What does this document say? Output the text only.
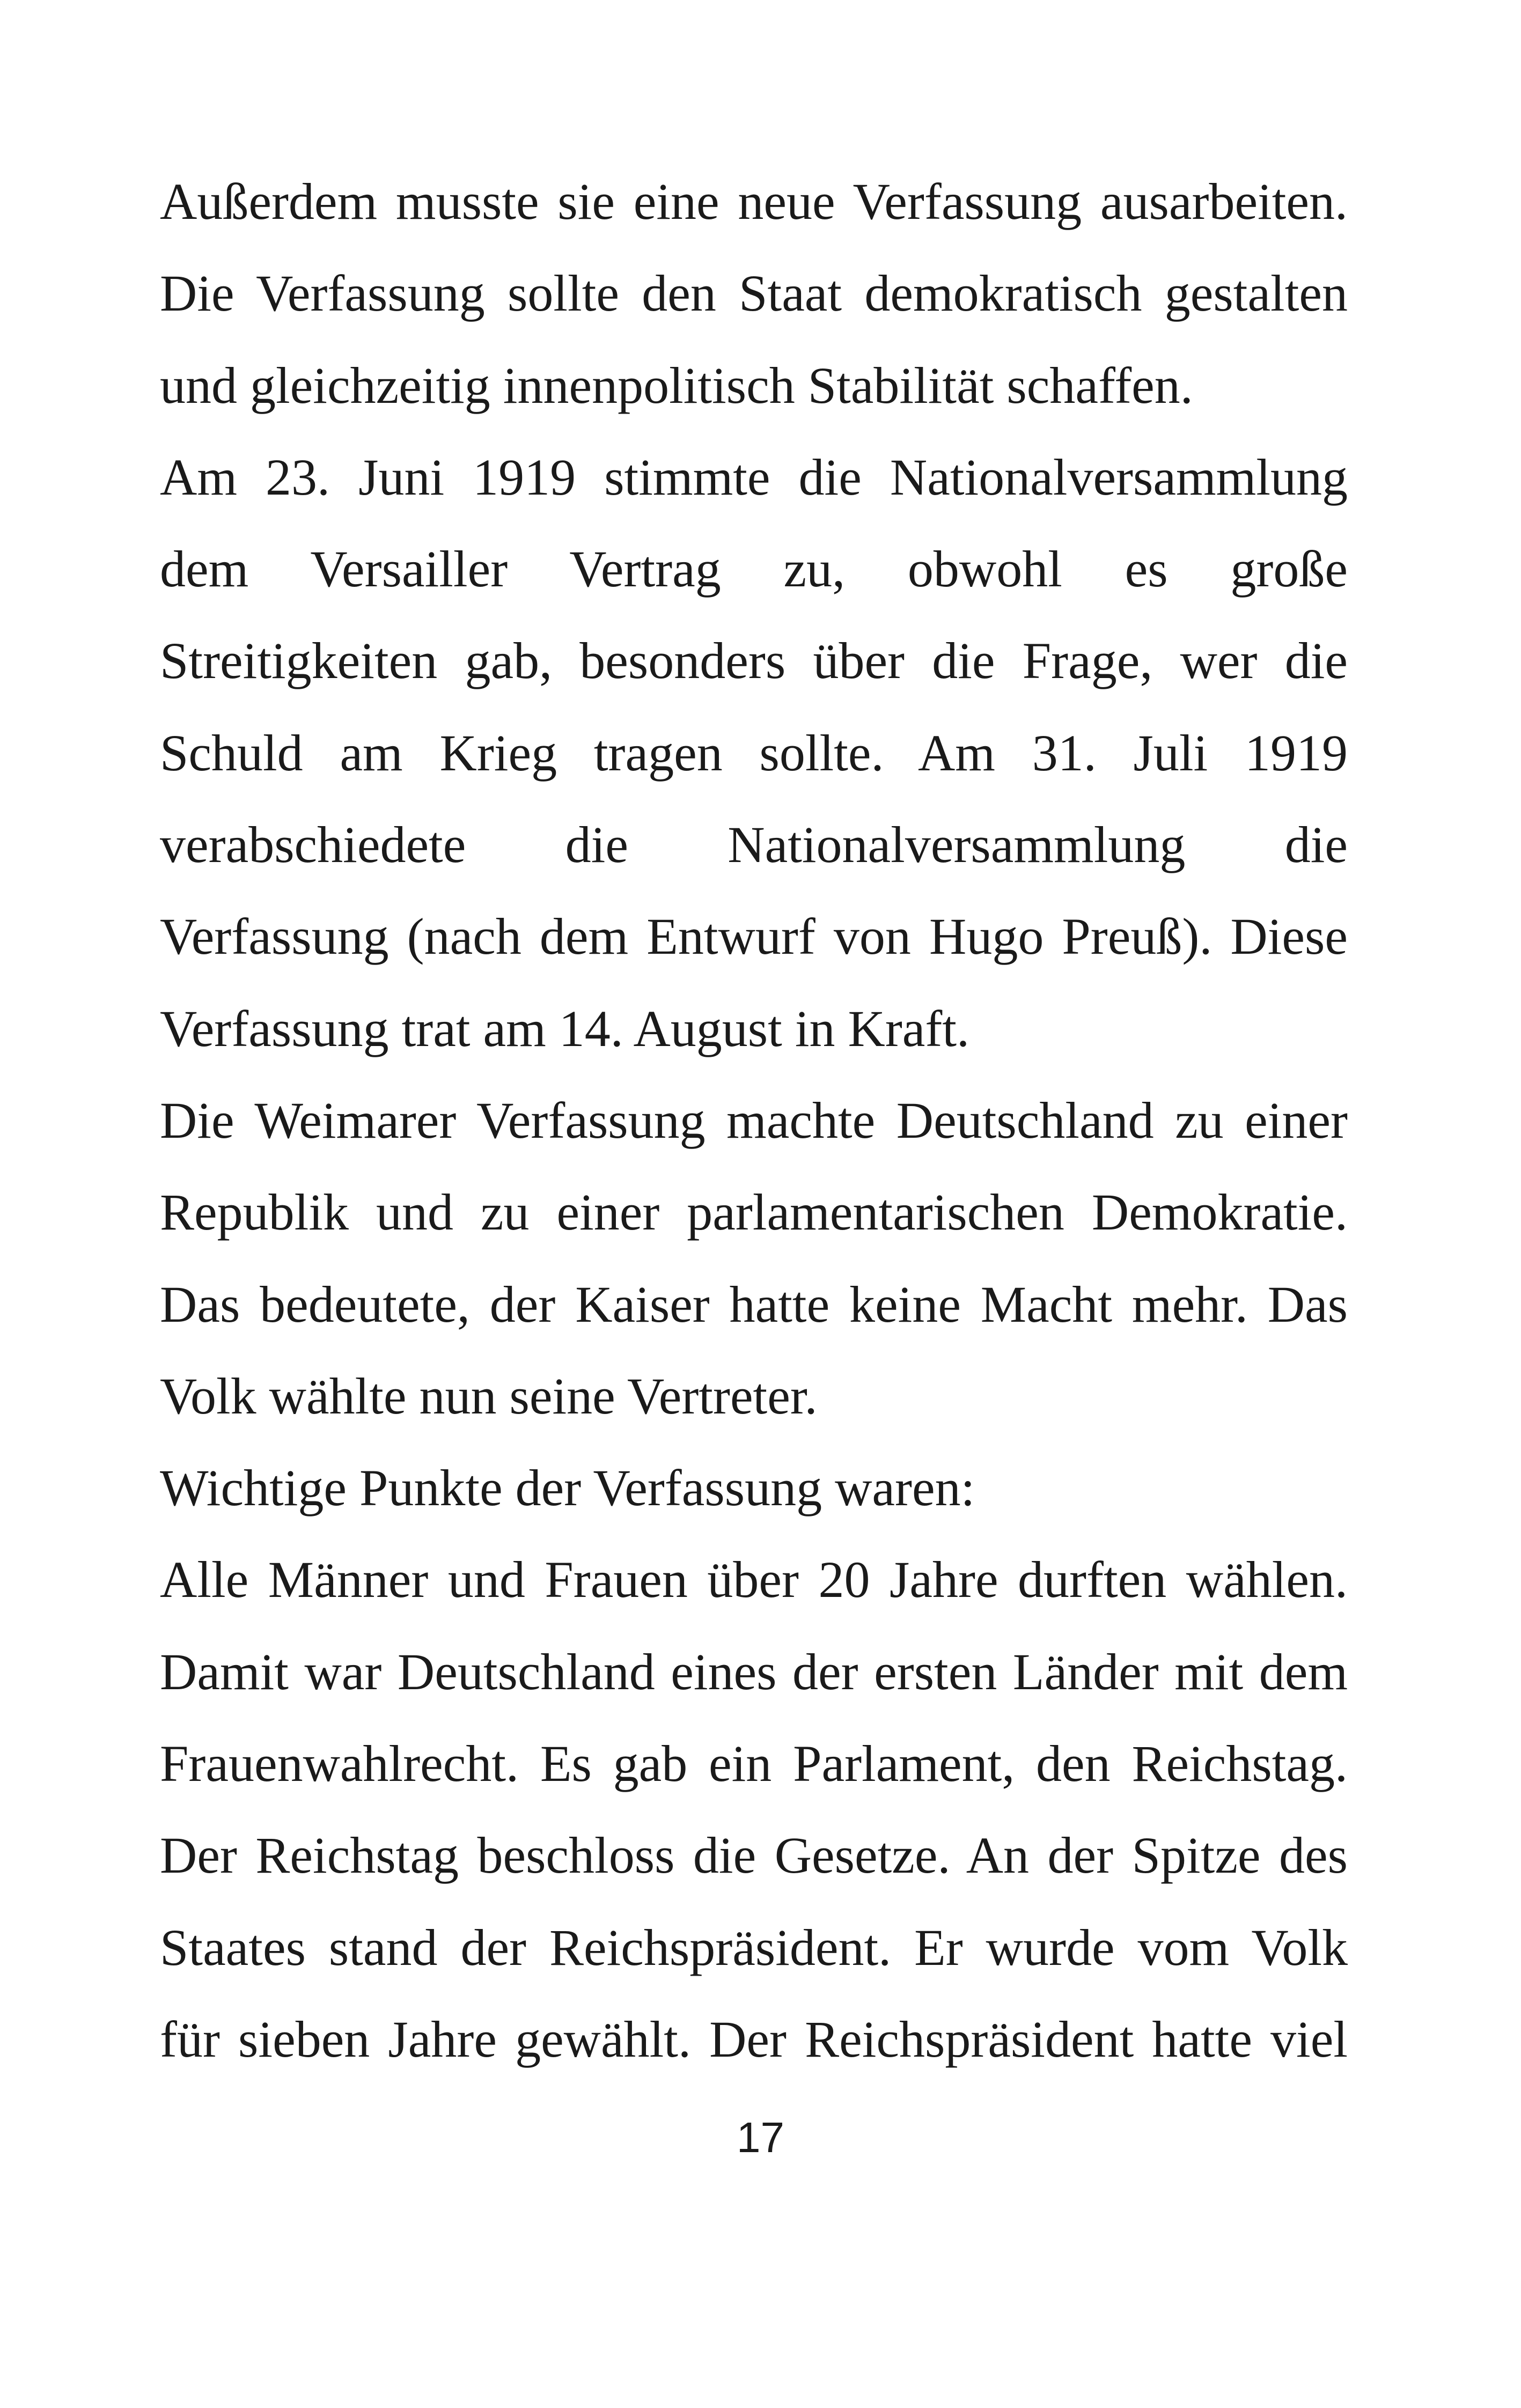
Außerdem musste sie eine neue Verfassung ausarbeiten.
Die Verfassung sollte den Staat demokratisch gestalten
und gleichzeitig innenpolitisch Stabilität schaffen.
Am 23. Juni 1919 stimmte die Nationalversammlung
dem Versailler Vertrag zu, obwohl es große
Streitigkeiten gab, besonders über die Frage, wer die
Schuld am Krieg tragen sollte. Am 31. Juli 1919
verabschiedete die Nationalversammlung die
Verfassung (nach dem Entwurf von Hugo Preuß). Diese
Verfassung trat am 14. August in Kraft.
Die Weimarer Verfassung machte Deutschland zu einer
Republik und zu einer parlamentarischen Demokratie.
Das bedeutete, der Kaiser hatte keine Macht mehr. Das
Volk wählte nun seine Vertreter.
Wichtige Punkte der Verfassung waren:
Alle Männer und Frauen über 20 Jahre durften wählen.
Damit war Deutschland eines der ersten Länder mit dem
Frauenwahlrecht. Es gab ein Parlament, den Reichstag.
Der Reichstag beschloss die Gesetze. An der Spitze des
Staates stand der Reichspräsident. Er wurde vom Volk
für sieben Jahre gewählt. Der Reichspräsident hatte viel
17
